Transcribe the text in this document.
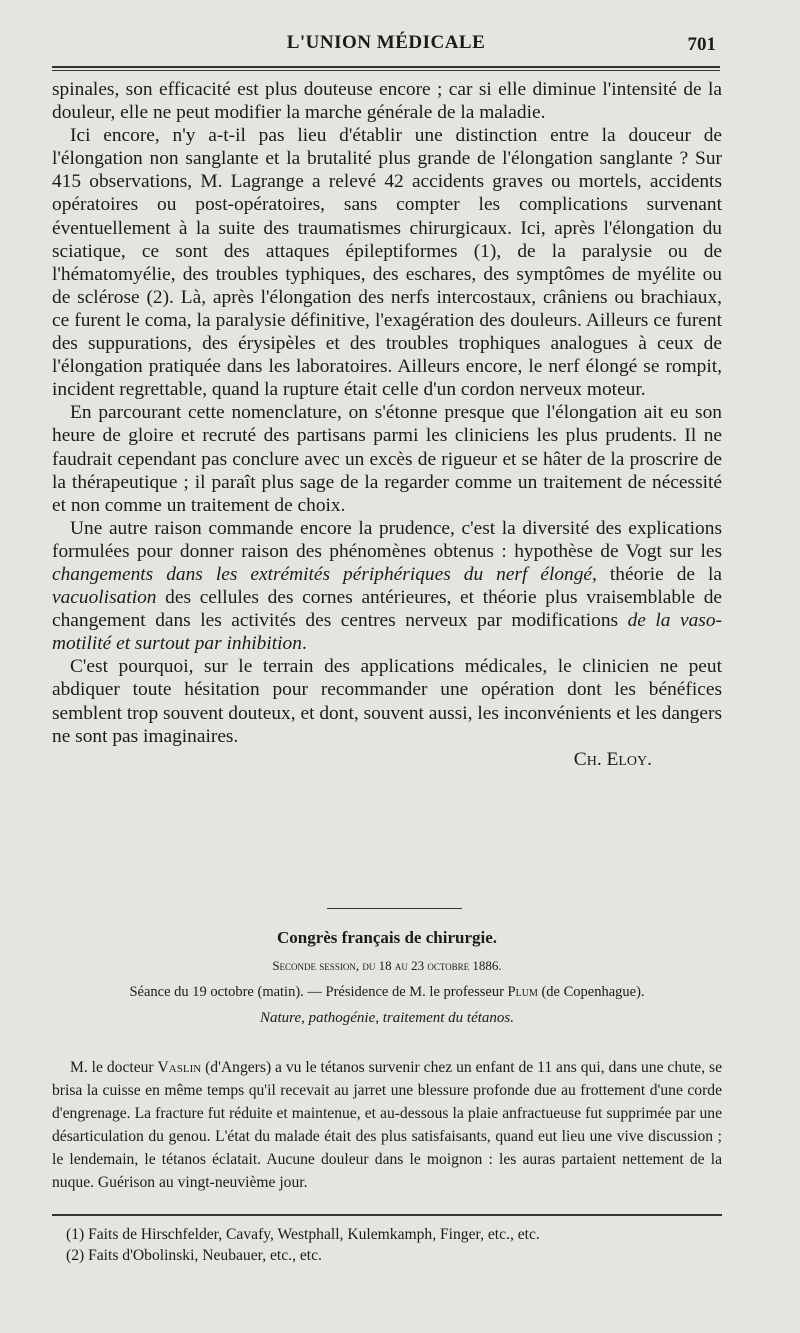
L'UNION MÉDICALE	701

spinales, son efficacité est plus douteuse encore ; car si elle diminue l'intensité de la douleur, elle ne peut modifier la marche générale de la maladie.

Ici encore, n'y a-t-il pas lieu d'établir une distinction entre la douceur de l'élongation non sanglante et la brutalité plus grande de l'élongation sanglante ? Sur 415 observations, M. Lagrange a relevé 42 accidents graves ou mortels, accidents opératoires ou post-opératoires, sans compter les complications survenant éventuellement à la suite des traumatismes chirurgicaux. Ici, après l'élongation du sciatique, ce sont des attaques épileptiformes (1), de la paralysie ou de l'hématomyélie, des troubles typhiques, des eschares, des symptômes de myélite ou de sclérose (2). Là, après l'élongation des nerfs intercostaux, crâniens ou brachiaux, ce furent le coma, la paralysie définitive, l'exagération des douleurs. Ailleurs ce furent des suppurations, des érysipèles et des troubles trophiques analogues à ceux de l'élongation pratiquée dans les laboratoires. Ailleurs encore, le nerf élongé se rompit, incident regrettable, quand la rupture était celle d'un cordon nerveux moteur.

En parcourant cette nomenclature, on s'étonne presque que l'élongation ait eu son heure de gloire et recruté des partisans parmi les cliniciens les plus prudents. Il ne faudrait cependant pas conclure avec un excès de rigueur et se hâter de la proscrire de la thérapeutique ; il paraît plus sage de la regarder comme un traitement de nécessité et non comme un traitement de choix.

Une autre raison commande encore la prudence, c'est la diversité des explications formulées pour donner raison des phénomènes obtenus : hypothèse de Vogt sur les changements dans les extrémités périphériques du nerf élongé, théorie de la vacuolisation des cellules des cornes antérieures, et théorie plus vraisemblable de changement dans les activités des centres nerveux par modifications de la vaso-motilité et surtout par inhibition.

C'est pourquoi, sur le terrain des applications médicales, le clinicien ne peut abdiquer toute hésitation pour recommander une opération dont les bénéfices semblent trop souvent douteux, et dont, souvent aussi, les inconvénients et les dangers ne sont pas imaginaires.

Ch. Eloy.

Congrès français de chirurgie.

Seconde session, du 18 au 23 octobre 1886.

Séance du 19 octobre (matin). — Présidence de M. le professeur Plum (de Copenhague).

Nature, pathogénie, traitement du tétanos.

M. le docteur Vaslin (d'Angers) a vu le tétanos survenir chez un enfant de 11 ans qui, dans une chute, se brisa la cuisse en même temps qu'il recevait au jarret une blessure profonde due au frottement d'une corde d'engrenage. La fracture fut réduite et maintenue, et au-dessous la plaie anfractueuse fut supprimée par une désarticulation du genou. L'état du malade était des plus satisfaisants, quand eut lieu une vive discussion ; le lendemain, le tétanos éclatait. Aucune douleur dans le moignon : les auras partaient nettement de la nuque. Guérison au vingt-neuvième jour.

(1) Faits de Hirschfelder, Cavafy, Westphall, Kulemkamph, Finger, etc., etc.

(2) Faits d'Obolinski, Neubauer, etc., etc.
